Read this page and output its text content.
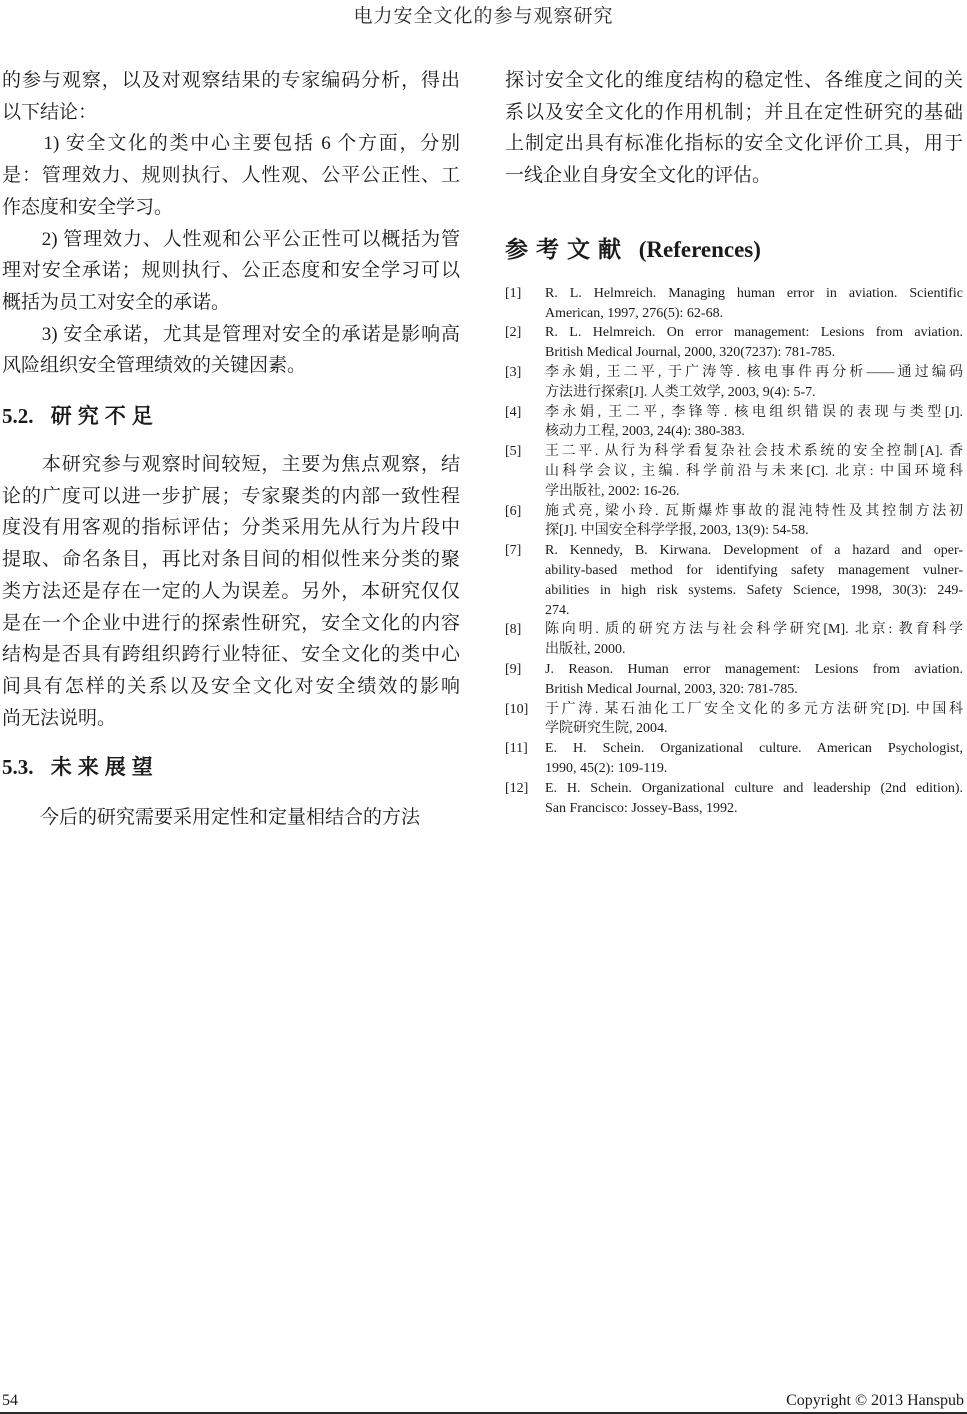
电力安全文化的参与观察研究
的参与观察，以及对观察结果的专家编码分析，得出
以下结论：
　　1) 安全文化的类中心主要包括 6 个方面，分别
是：管理效力、规则执行、人性观、公平公正性、工
作态度和安全学习。
　　2) 管理效力、人性观和公平公正性可以概括为管
理对安全承诺；规则执行、公正态度和安全学习可以
概括为员工对安全的承诺。
　　3) 安全承诺，尤其是管理对安全的承诺是影响高
风险组织安全管理绩效的关键因素。
5.2. 研究不足
　　本研究参与观察时间较短，主要为焦点观察，结
论的广度可以进一步扩展；专家聚类的内部一致性程
度没有用客观的指标评估；分类采用先从行为片段中
提取、命名条目，再比对条目间的相似性来分类的聚
类方法还是存在一定的人为误差。另外，本研究仅仅
是在一个企业中进行的探索性研究，安全文化的内容
结构是否具有跨组织跨行业特征、安全文化的类中心
间具有怎样的关系以及安全文化对安全绩效的影响
尚无法说明。
5.3. 未来展望
　　今后的研究需要采用定性和定量相结合的方法
探讨安全文化的维度结构的稳定性、各维度之间的关
系以及安全文化的作用机制；并且在定性研究的基础
上制定出具有标准化指标的安全文化评价工具，用于
一线企业自身安全文化的评估。
参考文献 (References)
[1] R. L. Helmreich. Managing human error in aviation. Scientific
American, 1997, 276(5): 62-68.
[2] R. L. Helmreich. On error management: Lesions from aviation.
British Medical Journal, 2000, 320(7237): 781-785.
[3] 李永娟, 王二平, 于广涛等. 核电事件再分析——通过编码
方法进行探索[J]. 人类工效学, 2003, 9(4): 5-7.
[4] 李永娟, 王二平, 李锋等. 核电组织错误的表现与类型[J].
核动力工程, 2003, 24(4): 380-383.
[5] 王二平. 从行为科学看复杂社会技术系统的安全控制[A]. 香
山科学会议, 主编. 科学前沿与未来[C]. 北京: 中国环境科
学出版社, 2002: 16-26.
[6] 施式亮, 梁小玲. 瓦斯爆炸事故的混沌特性及其控制方法初
探[J]. 中国安全科学学报, 2003, 13(9): 54-58.
[7] R. Kennedy, B. Kirwana. Development of a hazard and oper-
ability-based method for identifying safety management vulner-
abilities in high risk systems. Safety Science, 1998, 30(3): 249-
274.
[8] 陈向明. 质的研究方法与社会科学研究[M]. 北京: 教育科学
出版社, 2000.
[9] J. Reason. Human error management: Lesions from aviation.
British Medical Journal, 2003, 320: 781-785.
[10] 于广涛. 某石油化工厂安全文化的多元方法研究[D]. 中国科
学院研究生院, 2004.
[11] E. H. Schein. Organizational culture. American Psychologist,
1990, 45(2): 109-119.
[12] E. H. Schein. Organizational culture and leadership (2nd edition).
San Francisco: Jossey-Bass, 1992.
54	Copyright © 2013 Hanspub
